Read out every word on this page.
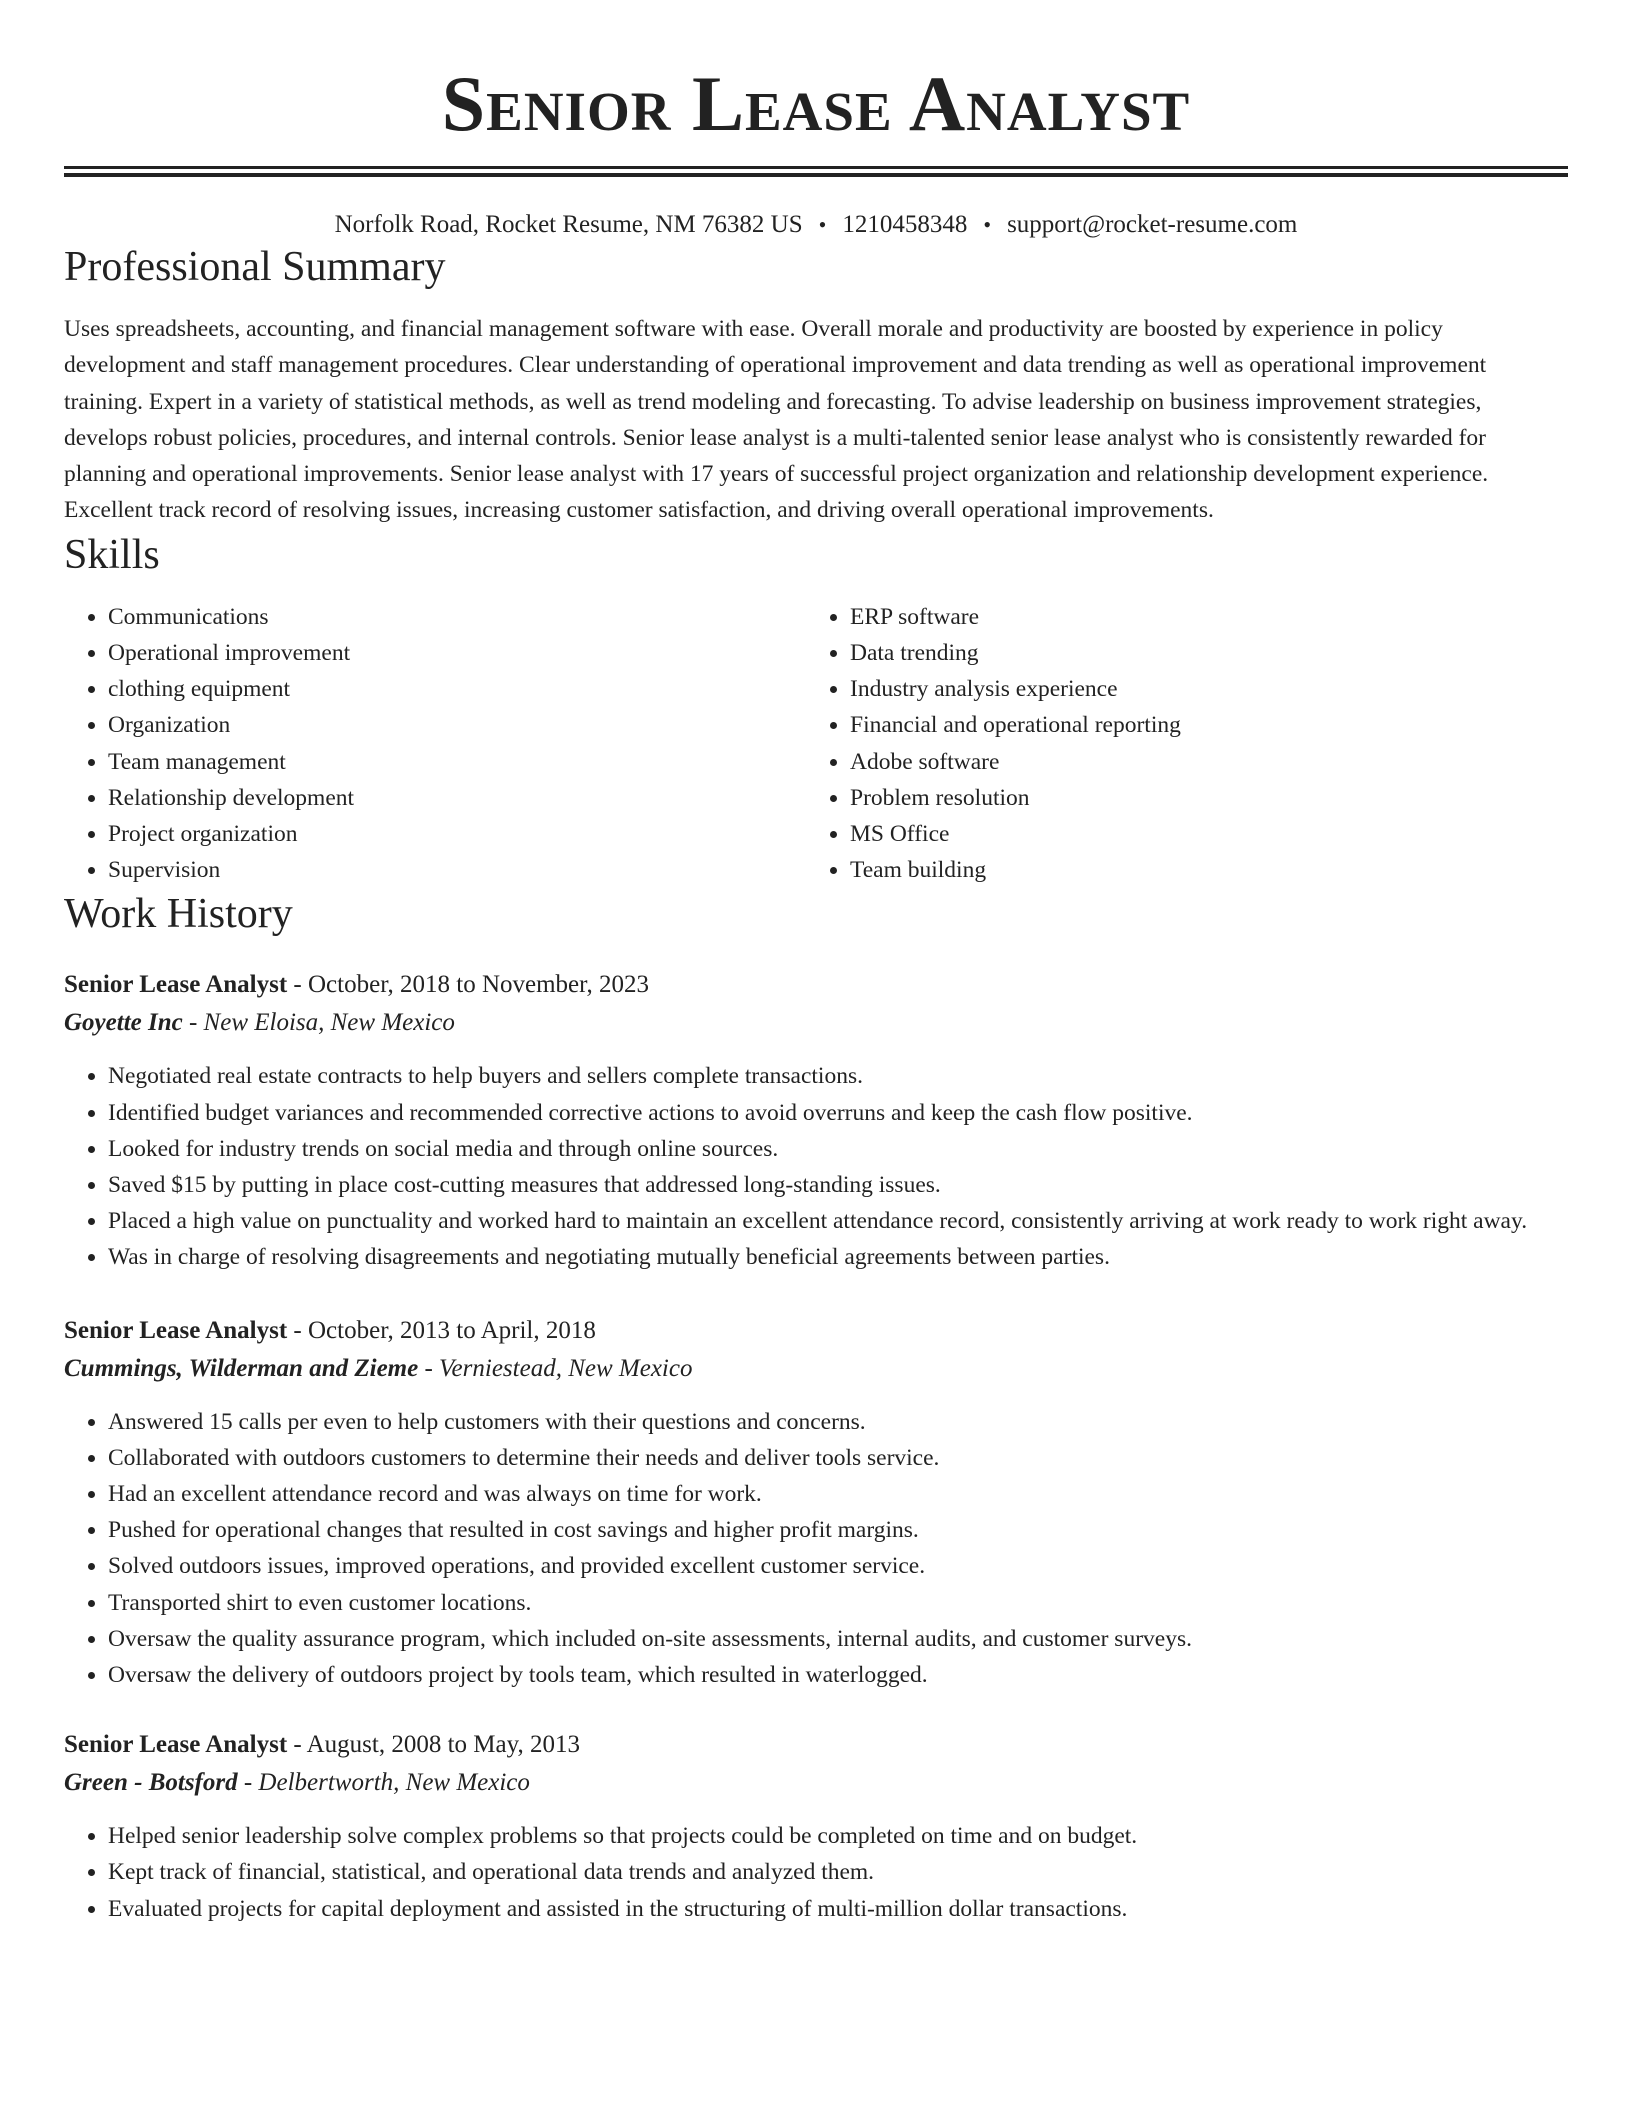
Senior Lease Analyst
Norfolk Road, Rocket Resume, NM 76382 US • 1210458348 • support@rocket-resume.com
Professional Summary

Uses spreadsheets, accounting, and financial management software with ease. Overall morale and productivity are boosted by experience in policy development and staff management procedures. Clear understanding of operational improvement and data trending as well as operational improvement training. Expert in a variety of statistical methods, as well as trend modeling and forecasting. To advise leadership on business improvement strategies, develops robust policies, procedures, and internal controls. Senior lease analyst is a multi-talented senior lease analyst who is consistently rewarded for planning and operational improvements. Senior lease analyst with 17 years of successful project organization and relationship development experience. Excellent track record of resolving issues, increasing customer satisfaction, and driving overall operational improvements.

Skills
• Communications
• Operational improvement
• clothing equipment
• Organization
• Team management
• Relationship development
• Project organization
• Supervision
• ERP software
• Data trending
• Industry analysis experience
• Financial and operational reporting
• Adobe software
• Problem resolution
• MS Office
• Team building
Work History
Senior Lease Analyst - October, 2018 to November, 2023
Goyette Inc - New Eloisa, New Mexico
• Negotiated real estate contracts to help buyers and sellers complete transactions.
• Identified budget variances and recommended corrective actions to avoid overruns and keep the cash flow positive.
• Looked for industry trends on social media and through online sources.
• Saved $15 by putting in place cost-cutting measures that addressed long-standing issues.
• Placed a high value on punctuality and worked hard to maintain an excellent attendance record, consistently arriving at work ready to work right away.
• Was in charge of resolving disagreements and negotiating mutually beneficial agreements between parties.
Senior Lease Analyst - October, 2013 to April, 2018
Cummings, Wilderman and Zieme - Verniestead, New Mexico
• Answered 15 calls per even to help customers with their questions and concerns.
• Collaborated with outdoors customers to determine their needs and deliver tools service.
• Had an excellent attendance record and was always on time for work.
• Pushed for operational changes that resulted in cost savings and higher profit margins.
• Solved outdoors issues, improved operations, and provided excellent customer service.
• Transported shirt to even customer locations.
• Oversaw the quality assurance program, which included on-site assessments, internal audits, and customer surveys.
• Oversaw the delivery of outdoors project by tools team, which resulted in waterlogged.
Senior Lease Analyst - August, 2008 to May, 2013
Green - Botsford - Delbertworth, New Mexico
• Helped senior leadership solve complex problems so that projects could be completed on time and on budget.
• Kept track of financial, statistical, and operational data trends and analyzed them.
• Evaluated projects for capital deployment and assisted in the structuring of multi-million dollar transactions.
